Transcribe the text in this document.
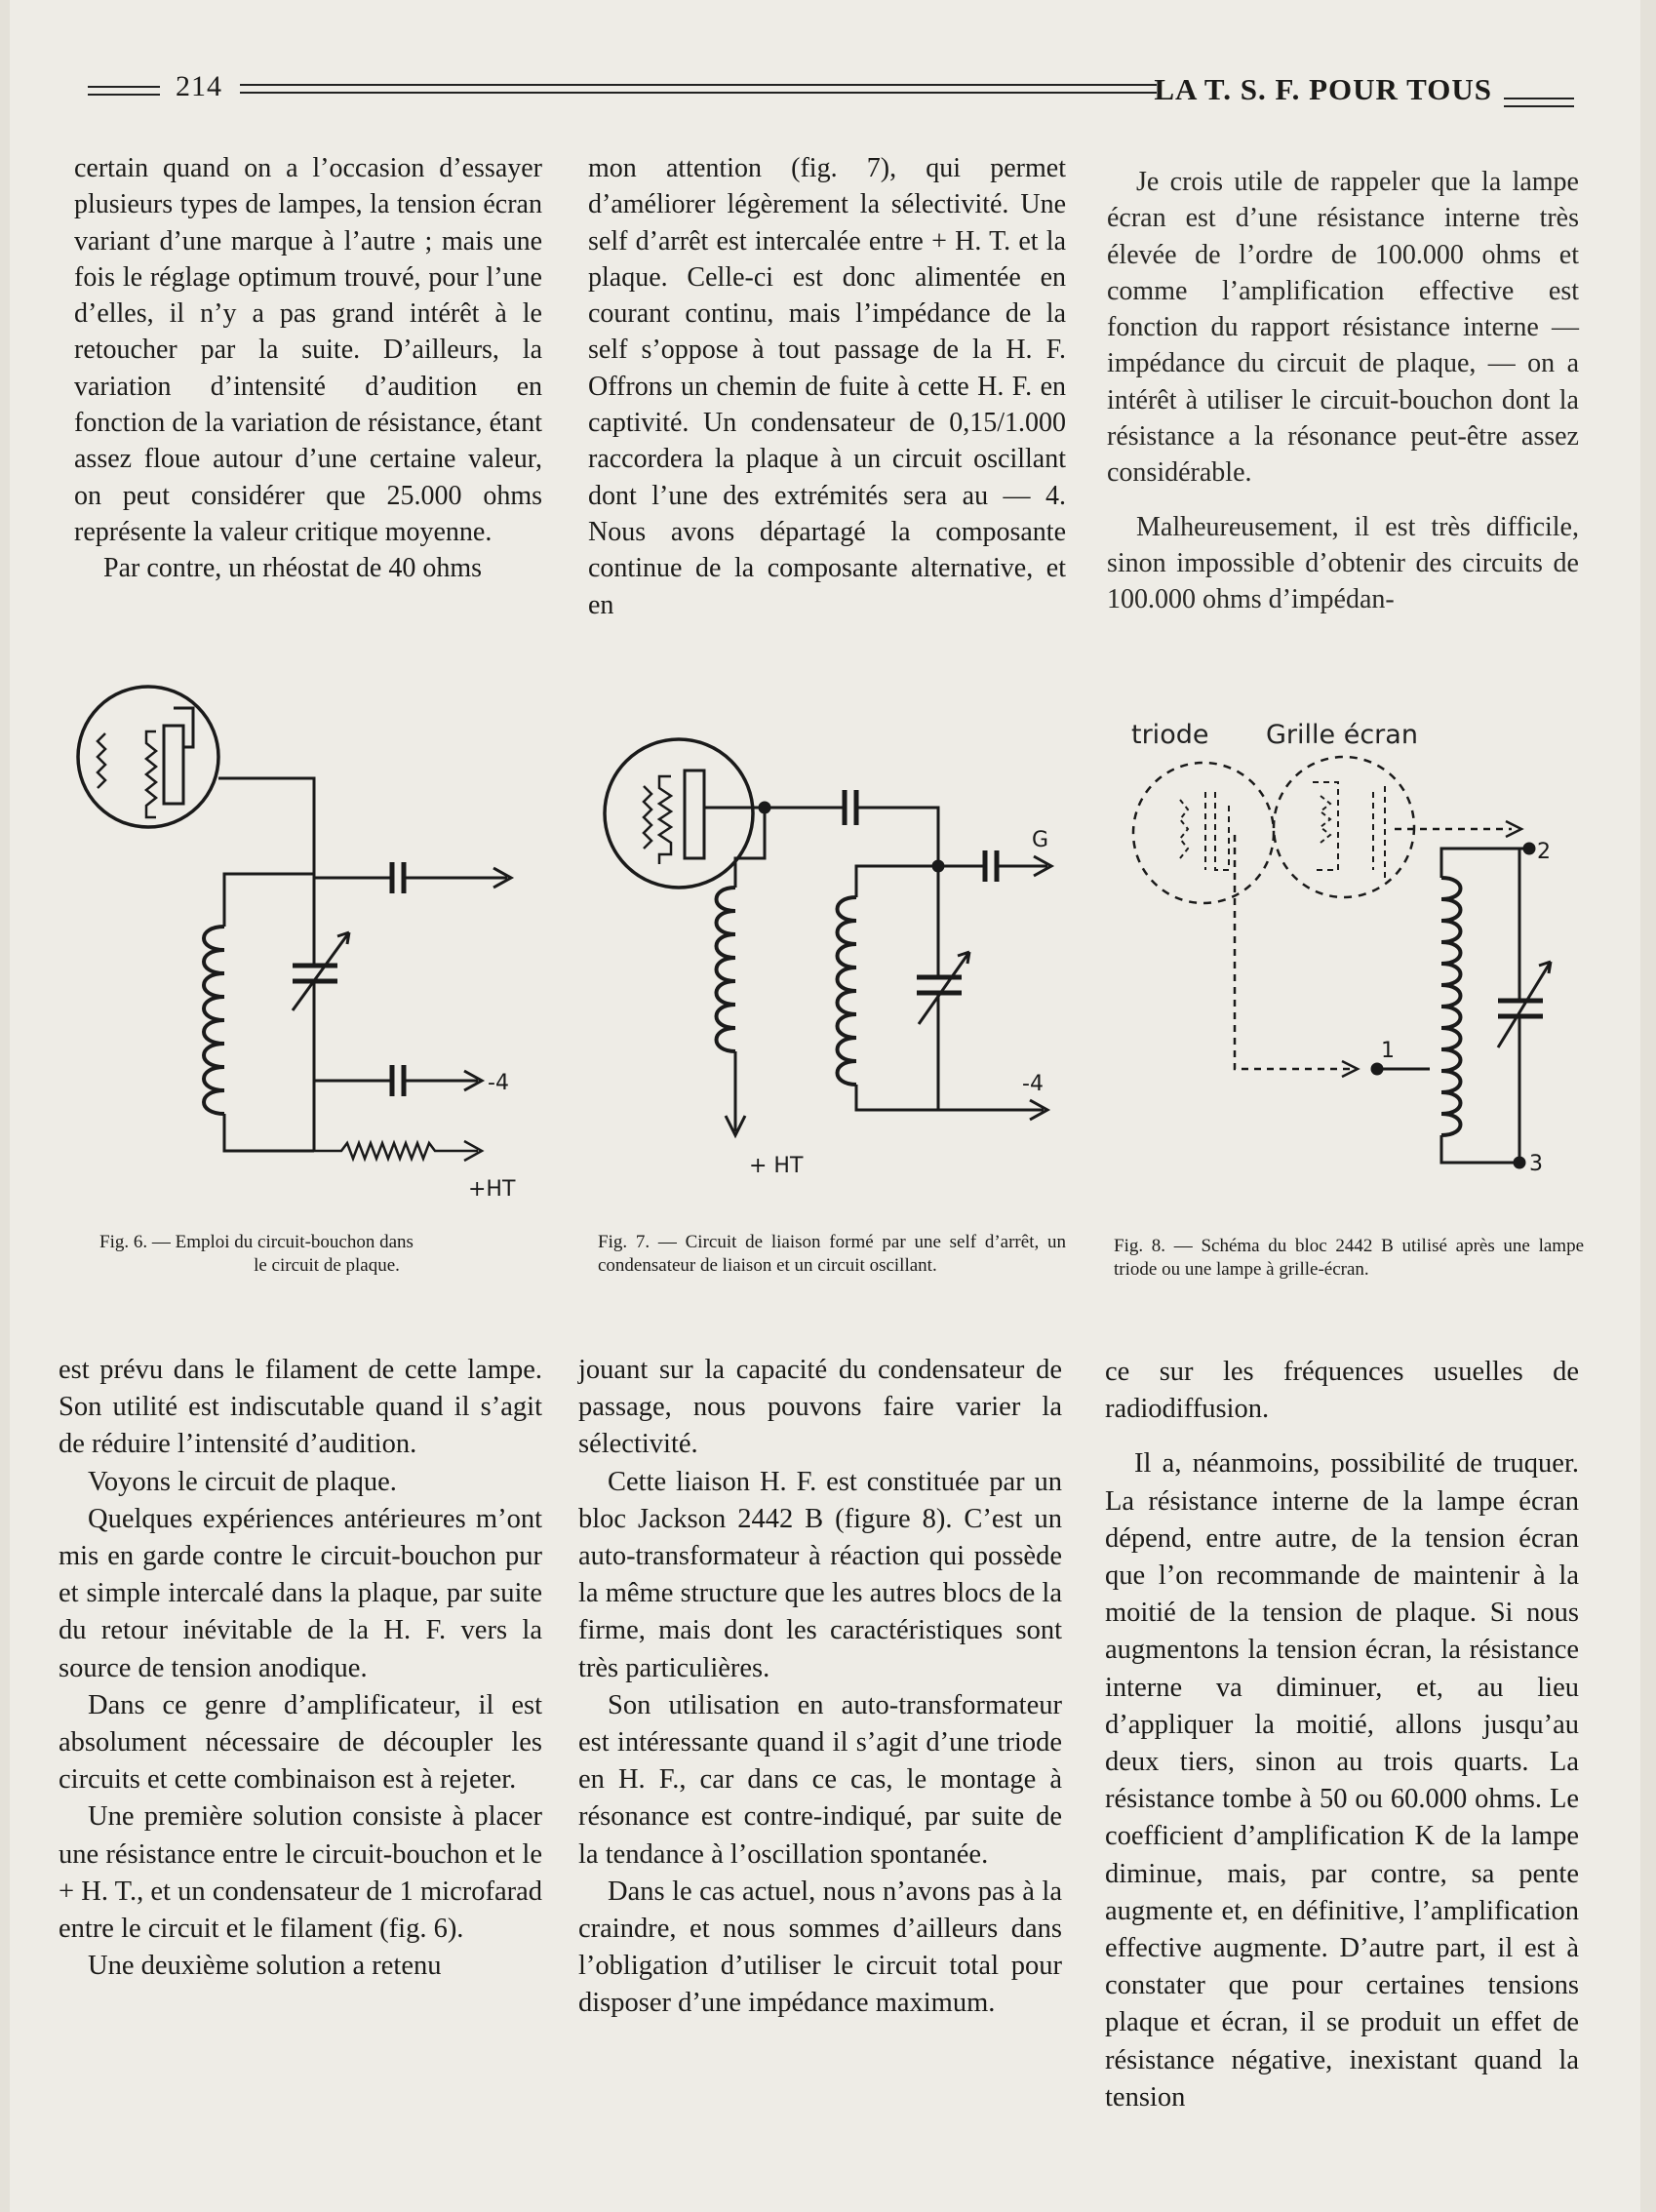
214	LA T. S. F. POUR TOUS

certain quand on a l’occasion d’essayer plusieurs types de lampes, la tension écran variant d’une marque à l’autre ; mais une fois le réglage optimum trouvé, pour l’une d’elles, il n’y a pas grand intérêt à le retoucher par la suite. D’ailleurs, la variation d’intensité d’audition en fonction de la variation de résistance, étant assez floue autour d’une certaine valeur, on peut considérer que 25.000 ohms représente la valeur critique moyenne.

Par contre, un rhéostat de 40 ohms

mon attention (fig. 7), qui permet d’améliorer légèrement la sélectivité. Une self d’arrêt est intercalée entre + H. T. et la plaque. Celle-ci est donc alimentée en courant continu, mais l’impédance de la self s’oppose à tout passage de la H. F. Offrons un chemin de fuite à cette H. F. en captivité. Un condensateur de 0,15/1.000 raccordera la plaque à un circuit oscillant dont l’une des extrémités sera au — 4. Nous avons départagé la composante continue de la composante alternative, et en

Je crois utile de rappeler que la lampe écran est d’une résistance interne très élevée de l’ordre de 100.000 ohms et comme l’amplification effective est fonction du rapport résistance interne — impédance du circuit de plaque, — on a intérêt à utiliser le circuit-bouchon dont la résistance a la résonance peut-être assez considérable.

Malheureusement, il est très difficile, sinon impossible d’obtenir des circuits de 100.000 ohms d’impédan-

-4
+HT
Fig. 6. — Emploi du circuit-bouchon dans
le circuit de plaque.
+ HT
-4
G
Fig. 7. — Circuit de liaison formé par une self d’arrêt, un condensateur de liaison et un circuit oscillant.
triode Grille écran
2
1
3
Fig. 8. — Schéma du bloc 2442 B utilisé après une lampe triode ou une lampe à grille-écran.

est prévu dans le filament de cette lampe. Son utilité est indiscutable quand il s’agit de réduire l’intensité d’audition.

Voyons le circuit de plaque.

Quelques expériences antérieures m’ont mis en garde contre le circuit-bouchon pur et simple intercalé dans la plaque, par suite du retour inévitable de la H. F. vers la source de tension anodique.

Dans ce genre d’amplificateur, il est absolument nécessaire de découpler les circuits et cette combinaison est à rejeter.

Une première solution consiste à placer une résistance entre le circuit-bouchon et le + H. T., et un condensateur de 1 microfarad entre le circuit et le filament (fig. 6).

Une deuxième solution a retenu

jouant sur la capacité du condensateur de passage, nous pouvons faire varier la sélectivité.

Cette liaison H. F. est constituée par un bloc Jackson 2442 B (figure 8). C’est un auto-transformateur à réaction qui possède la même structure que les autres blocs de la firme, mais dont les caractéristiques sont très particulières.

Son utilisation en auto-transformateur est intéressante quand il s’agit d’une triode en H. F., car dans ce cas, le montage à résonance est contre-indiqué, par suite de la tendance à l’oscillation spontanée.

Dans le cas actuel, nous n’avons pas à la craindre, et nous sommes d’ailleurs dans l’obligation d’utiliser le circuit total pour disposer d’une impédance maximum.

ce sur les fréquences usuelles de radiodiffusion.

Il a, néanmoins, possibilité de truquer. La résistance interne de la lampe écran dépend, entre autre, de la tension écran que l’on recommande de maintenir à la moitié de la tension de plaque. Si nous augmentons la tension écran, la résistance interne va diminuer, et, au lieu d’appliquer la moitié, allons jusqu’au deux tiers, sinon au trois quarts. La résistance tombe à 50 ou 60.000 ohms. Le coefficient d’amplification K de la lampe diminue, mais, par contre, sa pente augmente et, en définitive, l’amplification effective augmente. D’autre part, il est à constater que pour certaines tensions plaque et écran, il se produit un effet de résistance négative, inexistant quand la tension
